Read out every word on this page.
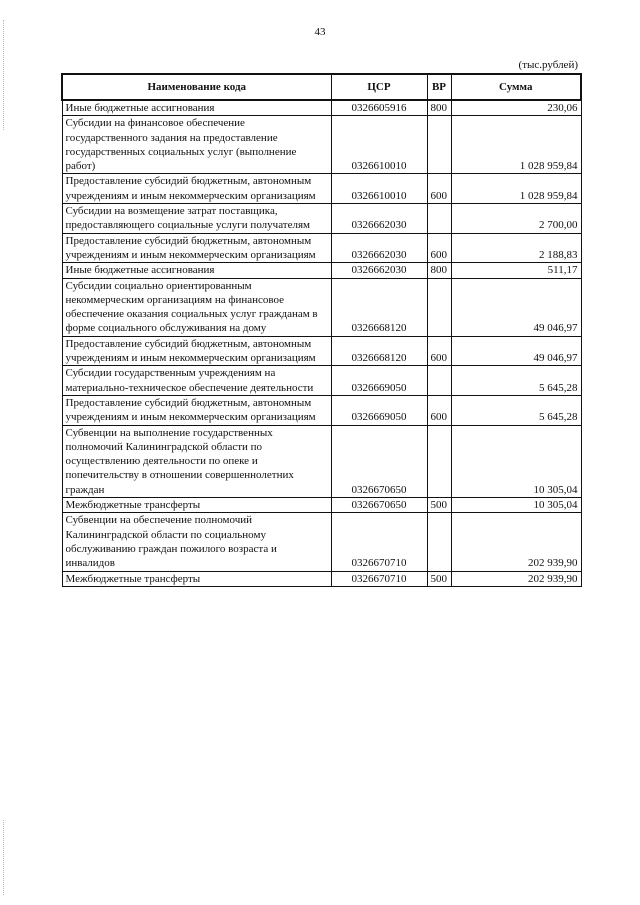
43
(тыс.рублей)
Наименование кода	ЦСР	ВР	Сумма
Иные бюджетные ассигнования	0326605916	800	230,06
Субсидии на финансовое обеспечение государственного задания на предоставление государственных социальных услуг (выполнение работ)	0326610010		1 028 959,84
Предоставление субсидий бюджетным, автономным учреждениям и иным некоммерческим организациям	0326610010	600	1 028 959,84
Субсидии на возмещение затрат поставщика, предоставляющего социальные услуги получателям	0326662030		2 700,00
Предоставление субсидий бюджетным, автономным учреждениям и иным некоммерческим организациям	0326662030	600	2 188,83
Иные бюджетные ассигнования	0326662030	800	511,17
Субсидии социально ориентированным некоммерческим организациям на финансовое обеспечение оказания социальных услуг гражданам в форме социального обслуживания на дому	0326668120		49 046,97
Предоставление субсидий бюджетным, автономным учреждениям и иным некоммерческим организациям	0326668120	600	49 046,97
Субсидии государственным учреждениям на материально-техническое обеспечение деятельности	0326669050		5 645,28
Предоставление субсидий бюджетным, автономным учреждениям и иным некоммерческим организациям	0326669050	600	5 645,28
Субвенции на выполнение государственных полномочий Калининградской области по осуществлению деятельности по опеке и попечительству в отношении совершеннолетних граждан	0326670650		10 305,04
Межбюджетные трансферты	0326670650	500	10 305,04
Субвенции на обеспечение полномочий Калининградской области по социальному обслуживанию граждан пожилого возраста и инвалидов	0326670710		202 939,90
Межбюджетные трансферты	0326670710	500	202 939,90
